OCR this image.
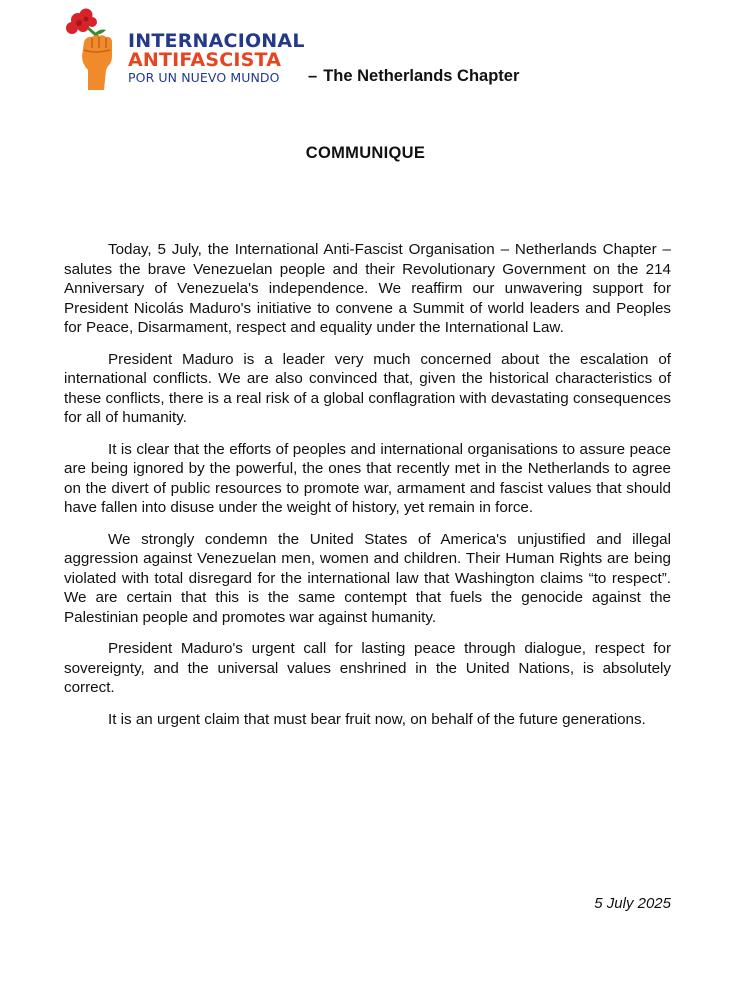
INTERNACIONAL
ANTIFASCISTA
POR UN NUEVO MUNDO	– The Netherlands Chapter
COMMUNIQUE

Today, 5 July, the International Anti-Fascist Organisation – Netherlands Chapter – salutes the brave Venezuelan people and their Revolutionary Government on the 214 Anniversary of Venezuela's independence. We reaffirm our unwavering support for President Nicolás Maduro's initiative to convene a Summit of world leaders and Peoples for Peace, Disarmament, respect and equality under the International Law.

President Maduro is a leader very much concerned about the escalation of international conflicts. We are also convinced that, given the historical characteristics of these conflicts, there is a real risk of a global conflagration with devastating consequences for all of humanity.

It is clear that the efforts of peoples and international organisations to assure peace are being ignored by the powerful, the ones that recently met in the Netherlands to agree on the divert of public resources to promote war, armament and fascist values that should have fallen into disuse under the weight of history, yet remain in force.

We strongly condemn the United States of America's unjustified and illegal aggression against Venezuelan men, women and children. Their Human Rights are being violated with total disregard for the international law that Washington claims “to respect”. We are certain that this is the same contempt that fuels the genocide against the Palestinian people and promotes war against humanity.

President Maduro's urgent call for lasting peace through dialogue, respect for sovereignty, and the universal values enshrined in the United Nations, is absolutely correct.

It is an urgent claim that must bear fruit now, on behalf of the future generations.

5 July 2025
